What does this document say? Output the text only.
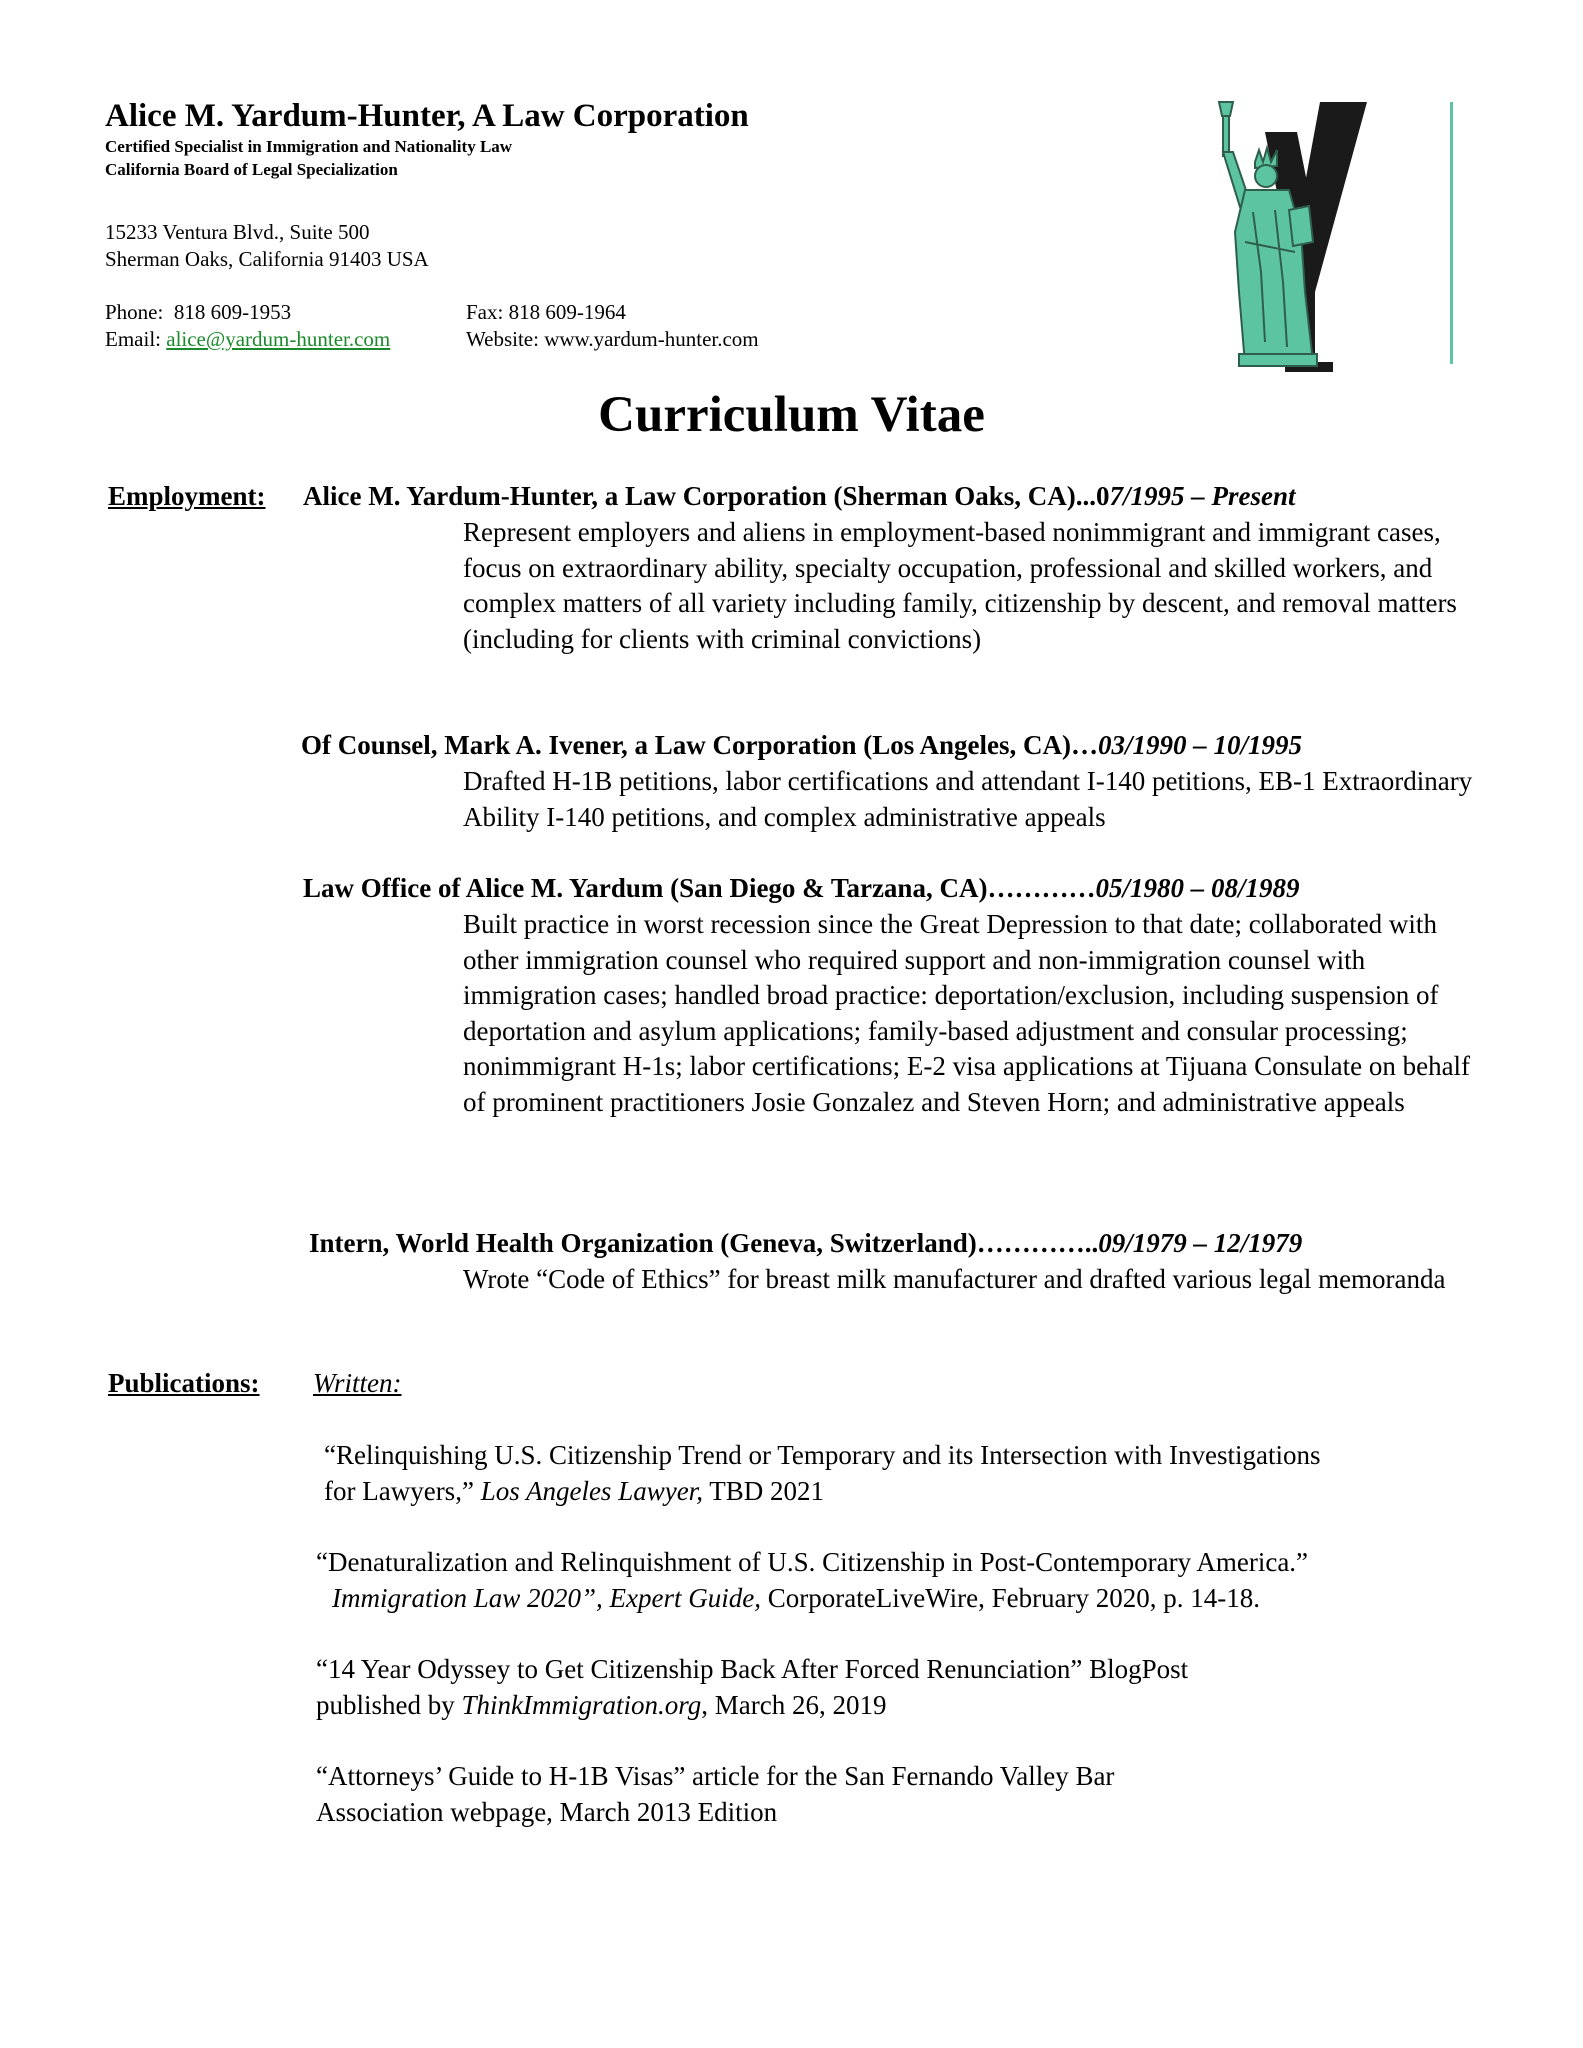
Alice M. Yardum-Hunter, A Law Corporation
Certified Specialist in Immigration and Nationality Law
California Board of Legal Specialization
15233 Ventura Blvd., Suite 500
Sherman Oaks, California 91403 USA
Phone: 818 609-1953	Fax: 818 609-1964
Email: alice@yardum-hunter.com	Website: www.yardum-hunter.com
Curriculum Vitae
Employment: Alice M. Yardum-Hunter, a Law Corporation (Sherman Oaks, CA)...07/1995 – Present
Represent employers and aliens in employment-based nonimmigrant and immigrant cases, focus on extraordinary ability, specialty occupation, professional and skilled workers, and complex matters of all variety including family, citizenship by descent, and removal matters (including for clients with criminal convictions)
Of Counsel, Mark A. Ivener, a Law Corporation (Los Angeles, CA)…03/1990 – 10/1995
Drafted H-1B petitions, labor certifications and attendant I-140 petitions, EB-1 Extraordinary Ability I-140 petitions, and complex administrative appeals
Law Office of Alice M. Yardum (San Diego & Tarzana, CA)…………05/1980 – 08/1989
Built practice in worst recession since the Great Depression to that date; collaborated with other immigration counsel who required support and non-immigration counsel with immigration cases; handled broad practice: deportation/exclusion, including suspension of deportation and asylum applications; family-based adjustment and consular processing; nonimmigrant H-1s; labor certifications; E-2 visa applications at Tijuana Consulate on behalf of prominent practitioners Josie Gonzalez and Steven Horn; and administrative appeals
Intern, World Health Organization (Geneva, Switzerland)…………..09/1979 – 12/1979
Wrote “Code of Ethics” for breast milk manufacturer and drafted various legal memoranda
Publications: Written:
“Relinquishing U.S. Citizenship Trend or Temporary and its Intersection with Investigations
for Lawyers,” Los Angeles Lawyer, TBD 2021
“Denaturalization and Relinquishment of U.S. Citizenship in Post-Contemporary America.”
Immigration Law 2020”, Expert Guide, CorporateLiveWire, February 2020, p. 14-18.
“14 Year Odyssey to Get Citizenship Back After Forced Renunciation” BlogPost
published by ThinkImmigration.org, March 26, 2019
“Attorneys’ Guide to H-1B Visas” article for the San Fernando Valley Bar
Association webpage, March 2013 Edition
